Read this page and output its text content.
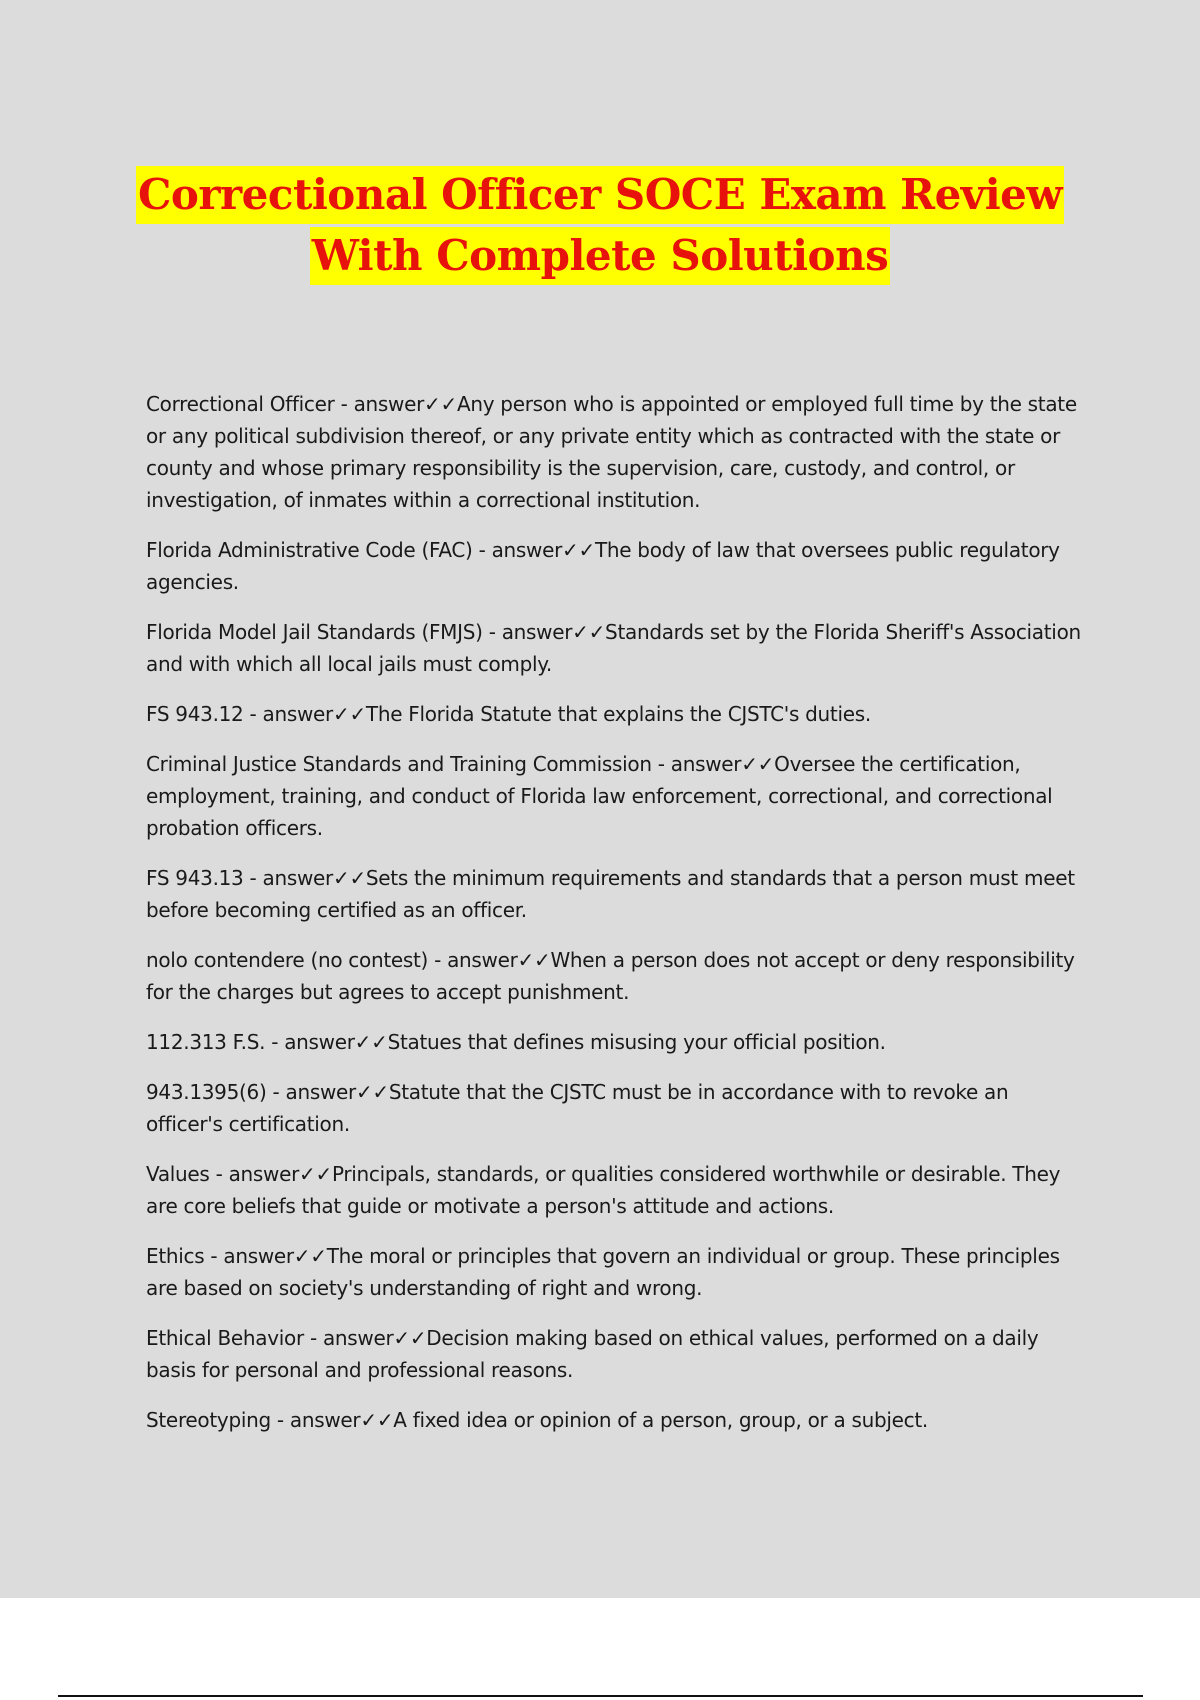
Correctional Officer SOCE Exam Review
With Complete Solutions

Correctional Officer - answer✓✓Any person who is appointed or employed full time by the state or any political subdivision thereof, or any private entity which as contracted with the state or county and whose primary responsibility is the supervision, care, custody, and control, or investigation, of inmates within a correctional institution.

Florida Administrative Code (FAC) - answer✓✓The body of law that oversees public regulatory agencies.

Florida Model Jail Standards (FMJS) - answer✓✓Standards set by the Florida Sheriff's Association and with which all local jails must comply.

FS 943.12 - answer✓✓The Florida Statute that explains the CJSTC's duties.

Criminal Justice Standards and Training Commission - answer✓✓Oversee the certification, employment, training, and conduct of Florida law enforcement, correctional, and correctional probation officers.

FS 943.13 - answer✓✓Sets the minimum requirements and standards that a person must meet before becoming certified as an officer.

nolo contendere (no contest) - answer✓✓When a person does not accept or deny responsibility for the charges but agrees to accept punishment.

112.313 F.S. - answer✓✓Statues that defines misusing your official position.

943.1395(6) - answer✓✓Statute that the CJSTC must be in accordance with to revoke an officer's certification.

Values - answer✓✓Principals, standards, or qualities considered worthwhile or desirable. They are core beliefs that guide or motivate a person's attitude and actions.

Ethics - answer✓✓The moral or principles that govern an individual or group. These principles are based on society's understanding of right and wrong.

Ethical Behavior - answer✓✓Decision making based on ethical values, performed on a daily basis for personal and professional reasons.

Stereotyping - answer✓✓A fixed idea or opinion of a person, group, or a subject.
